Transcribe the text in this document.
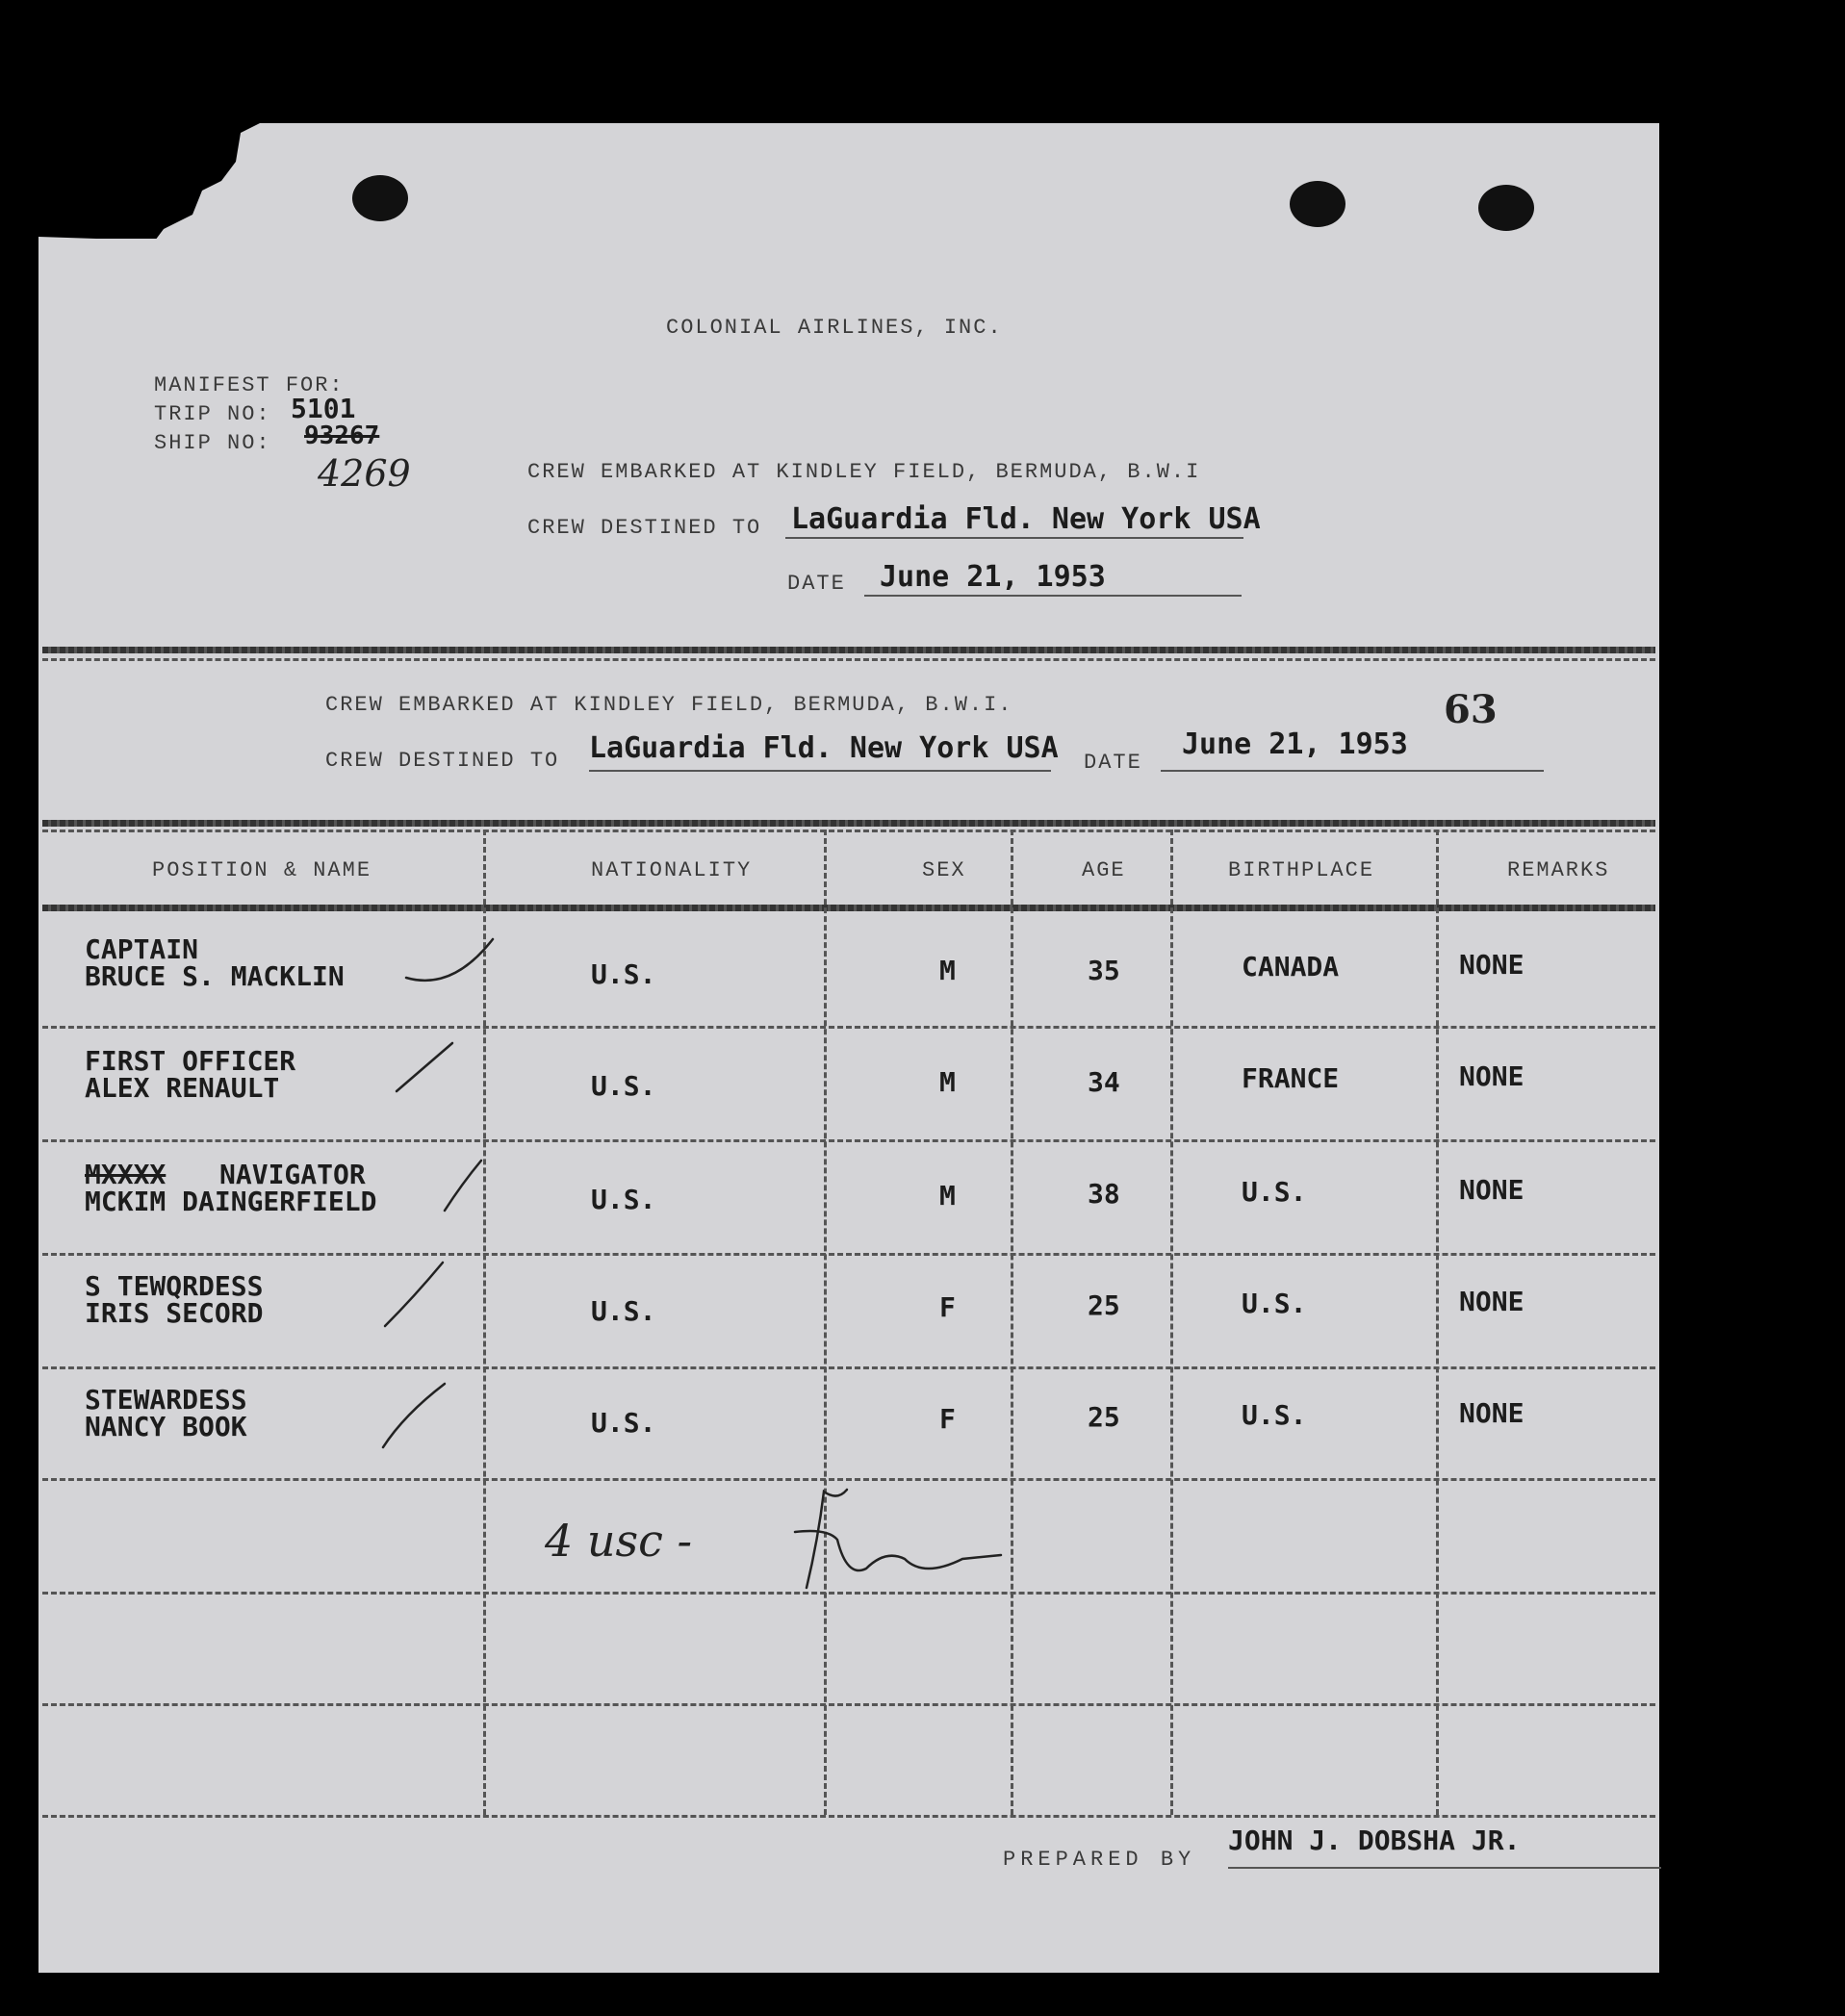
COLONIAL AIRLINES, INC.
MANIFEST FOR:
TRIP NO: 5101
SHIP NO: 93267
4269	CREW EMBARKED AT KINDLEY FIELD, BERMUDA, B.W.I
CREW DESTINED TO LaGuardia Fld. New York USA
DATE June 21, 1953
CREW EMBARKED AT KINDLEY FIELD, BERMUDA, B.W.I.	63
CREW DESTINED TO LaGuardia Fld. New York USA DATE
June 21, 1953
POSITION & NAME	NATIONALITY	SEX	AGE	BIRTHPLACE	REMARKS
CAPTAIN
BRUCE S. MACKLIN	U.S.	M	35	CANADA	NONE
FIRST OFFICER
ALEX RENAULT	U.S.	M	34	FRANCE	NONE
MXXXX NAVIGATOR
MCKIM DAINGERFIELD	U.S.	M	38	U.S.	NONE
S TEWQRDESS
IRIS SECORD	U.S.	F	25	U.S.	NONE
STEWARDESS
NANCY BOOK	U.S.	F	25	U.S.	NONE
4 usc -
PREPARED BY
JOHN J. DOBSHA JR.
